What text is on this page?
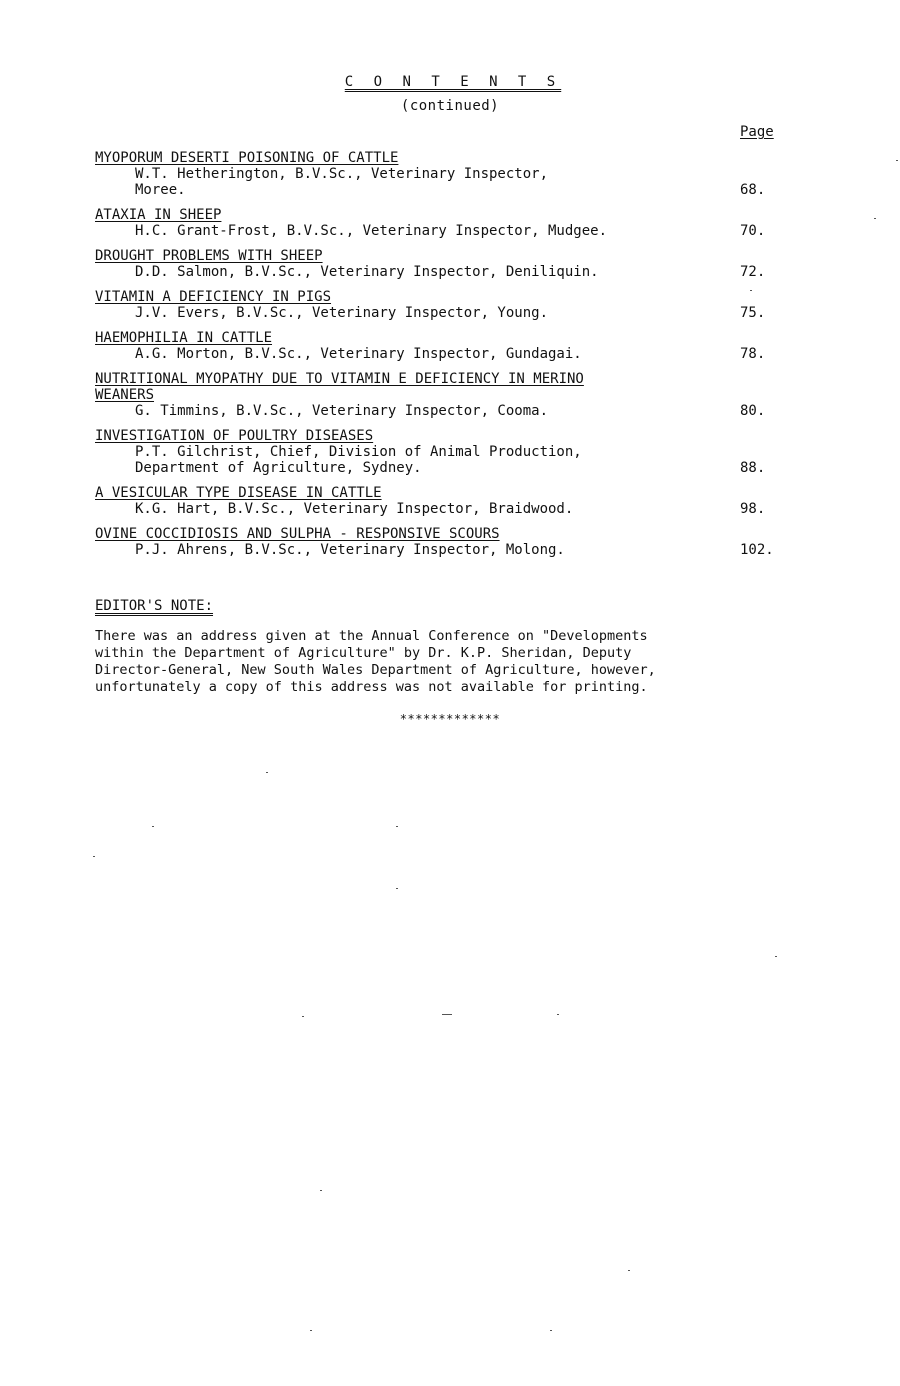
C O N T E N T S
(continued)
Page
MYOPORUM DESERTI POISONING OF CATTLE
W.T. Hetherington, B.V.Sc., Veterinary Inspector,
Moree.	68.
ATAXIA IN SHEEP
H.C. Grant-Frost, B.V.Sc., Veterinary Inspector, Mudgee.	70.
DROUGHT PROBLEMS WITH SHEEP
D.D. Salmon, B.V.Sc., Veterinary Inspector, Deniliquin.	72.
VITAMIN A DEFICIENCY IN PIGS
J.V. Evers, B.V.Sc., Veterinary Inspector, Young.	75.
HAEMOPHILIA IN CATTLE
A.G. Morton, B.V.Sc., Veterinary Inspector, Gundagai.	78.
NUTRITIONAL MYOPATHY DUE TO VITAMIN E DEFICIENCY IN MERINO
WEANERS
G. Timmins, B.V.Sc., Veterinary Inspector, Cooma.	80.
INVESTIGATION OF POULTRY DISEASES
P.T. Gilchrist, Chief, Division of Animal Production,
Department of Agriculture, Sydney.	88.
A VESICULAR TYPE DISEASE IN CATTLE
K.G. Hart, B.V.Sc., Veterinary Inspector, Braidwood.	98.
OVINE COCCIDIOSIS AND SULPHA - RESPONSIVE SCOURS
P.J. Ahrens, B.V.Sc., Veterinary Inspector, Molong.	102.
EDITOR'S NOTE:
There was an address given at the Annual Conference on "Developments
within the Department of Agriculture" by Dr. K.P. Sheridan, Deputy
Director-General, New South Wales Department of Agriculture, however,
unfortunately a copy of this address was not available for printing.
*************
